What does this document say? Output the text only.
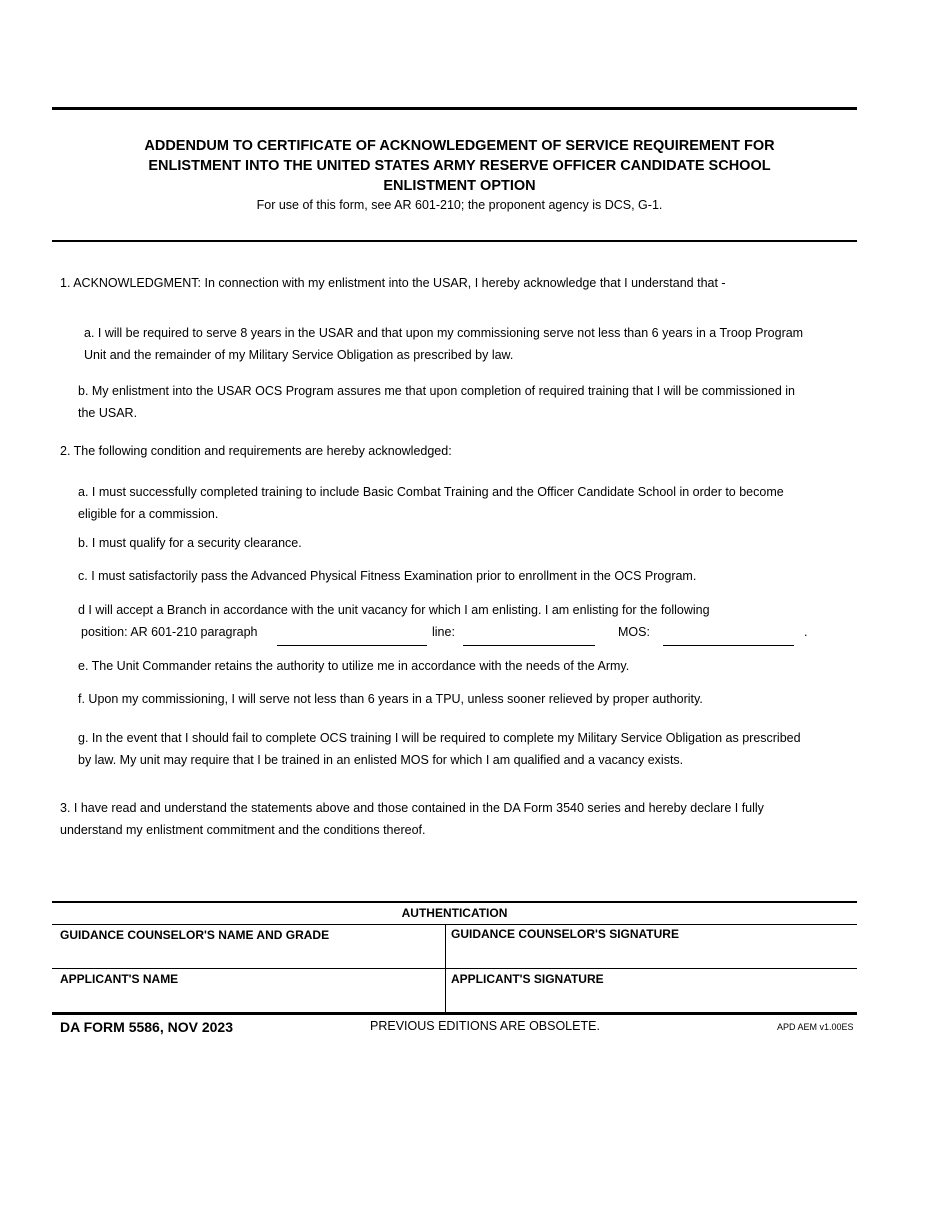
ADDENDUM TO CERTIFICATE OF ACKNOWLEDGEMENT OF SERVICE REQUIREMENT FOR
ENLISTMENT INTO THE UNITED STATES ARMY RESERVE OFFICER CANDIDATE SCHOOL
ENLISTMENT OPTION
For use of this form, see AR 601-210; the proponent agency is DCS, G-1.
1. ACKNOWLEDGMENT: In connection with my enlistment into the USAR, I hereby acknowledge that I understand that -
a. I will be required to serve 8 years in the USAR and that upon my commissioning serve not less than 6 years in a Troop Program
Unit and the remainder of my Military Service Obligation as prescribed by law.
b. My enlistment into the USAR OCS Program assures me that upon completion of required training that I will be commissioned in
the USAR.
2. The following condition and requirements are hereby acknowledged:
a. I must successfully completed training to include Basic Combat Training and the Officer Candidate School in order to become
eligible for a commission.
b. I must qualify for a security clearance.
c. I must satisfactorily pass the Advanced Physical Fitness Examination prior to enrollment in the OCS Program.
d I will accept a Branch in accordance with the unit vacancy for which I am enlisting. I am enlisting for the following
position: AR 601-210 paragraph	line:	MOS:	.
e. The Unit Commander retains the authority to utilize me in accordance with the needs of the Army.
f. Upon my commissioning, I will serve not less than 6 years in a TPU, unless sooner relieved by proper authority.
g. In the event that I should fail to complete OCS training I will be required to complete my Military Service Obligation as prescribed
by law. My unit may require that I be trained in an enlisted MOS for which I am qualified and a vacancy exists.
3. I have read and understand the statements above and those contained in the DA Form 3540 series and hereby declare I fully
understand my enlistment commitment and the conditions thereof.
AUTHENTICATION
GUIDANCE COUNSELOR'S NAME AND GRADE	GUIDANCE COUNSELOR'S SIGNATURE
APPLICANT'S NAME	APPLICANT'S SIGNATURE
DA FORM 5586, NOV 2023	PREVIOUS EDITIONS ARE OBSOLETE.	APD AEM v1.00ES
